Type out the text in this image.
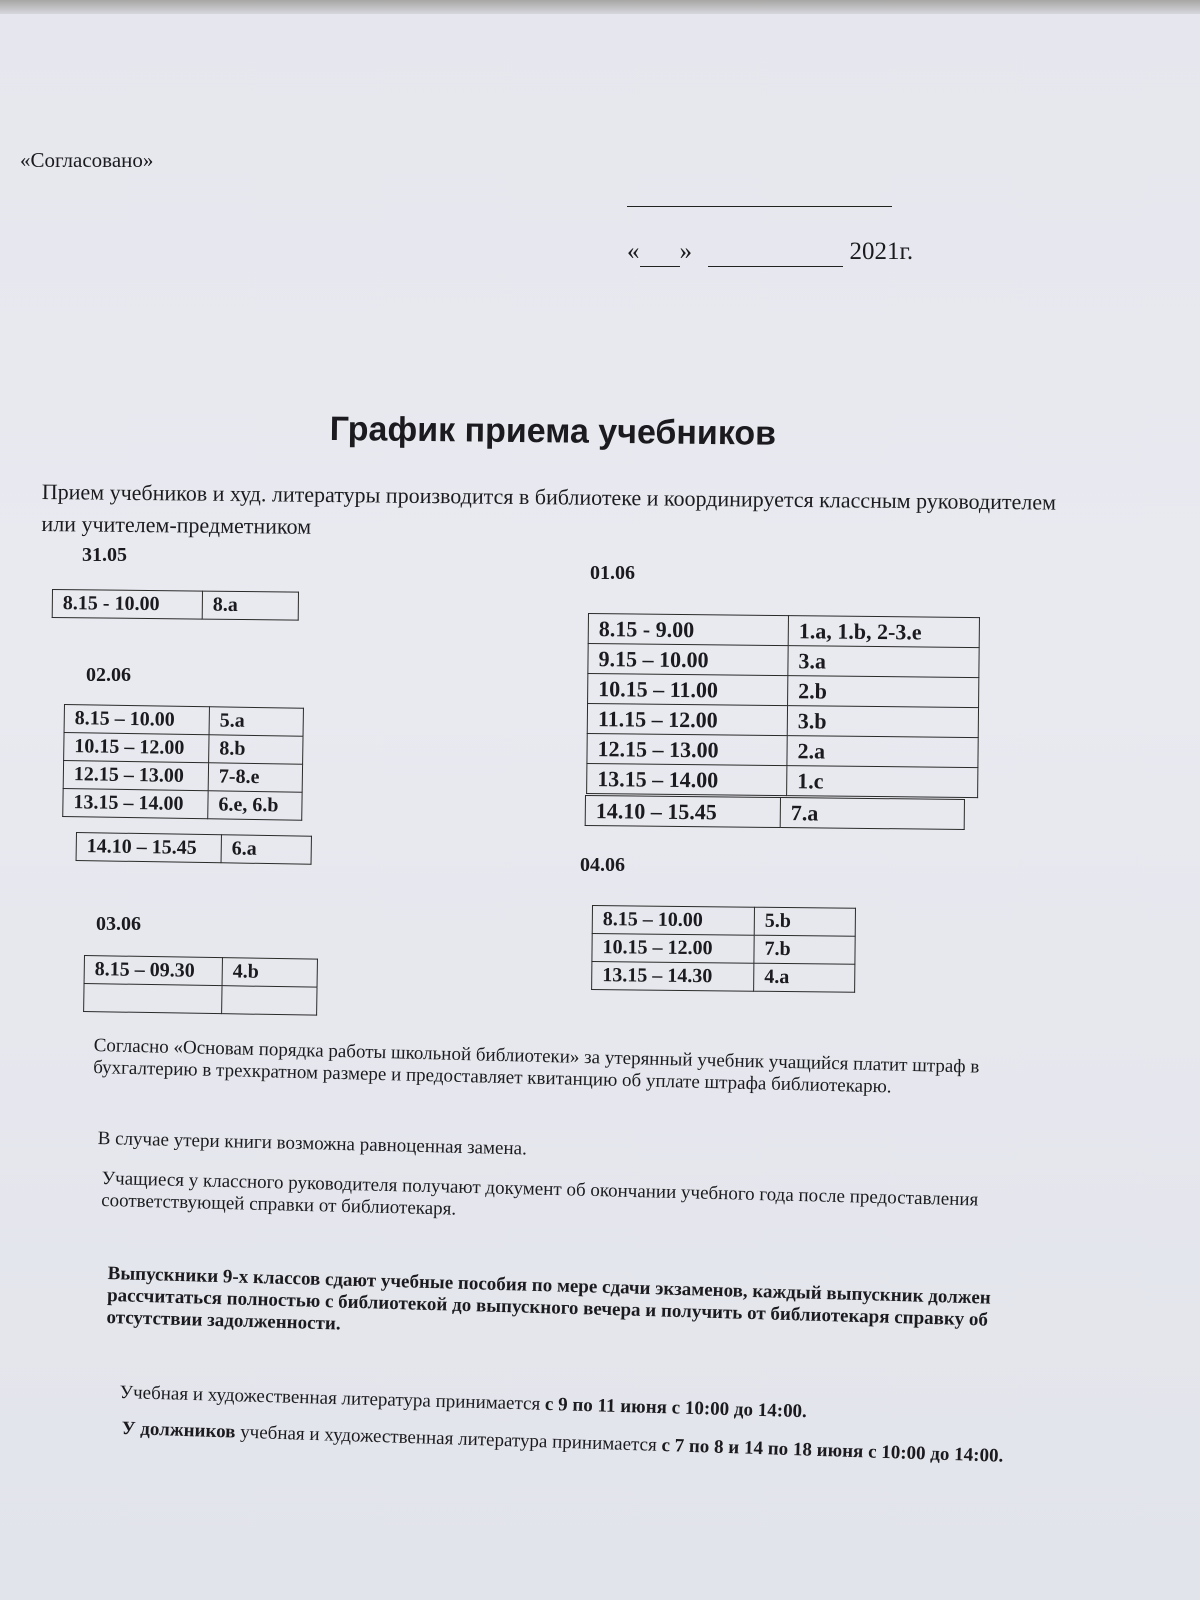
«Согласовано»
« »	2021г.
График приема учебников
Прием учебников и худ. литературы производится в библиотеке и координируется классным руководителем или учителем-предметником
31.05
8.15 - 10.00	8.a
02.06
8.15 – 10.00	5.a
10.15 – 12.00	8.b
12.15 – 13.00	7-8.e
13.15 – 14.00	6.e, 6.b
14.10 – 15.45	6.a
03.06
8.15 – 09.30	4.b

01.06
8.15 - 9.00	1.a, 1.b, 2-3.e
9.15 – 10.00	3.a
10.15 – 11.00	2.b
11.15 – 12.00	3.b
12.15 – 13.00	2.a
13.15 – 14.00	1.c
14.10 – 15.45	7.a
04.06
8.15 – 10.00	5.b
10.15 – 12.00	7.b
13.15 – 14.30	4.a
Согласно «Основам порядка работы школьной библиотеки» за утерянный учебник учащийся платит штраф в бухгалтерию в трехкратном размере и предоставляет квитанцию об уплате штрафа библиотекарю.
В случае утери книги возможна равноценная замена.
Учащиеся у классного руководителя получают документ об окончании учебного года после предоставления соответствующей справки от библиотекаря.
Выпускники 9-х классов сдают учебные пособия по мере сдачи экзаменов, каждый выпускник должен рассчитаться полностью с библиотекой до выпускного вечера и получить от библиотекаря справку об отсутствии задолженности.
Учебная и художественная литература принимается с 9 по 11 июня с 10:00 до 14:00.
У должников учебная и художественная литература принимается с 7 по 8 и 14 по 18 июня с 10:00 до 14:00.
